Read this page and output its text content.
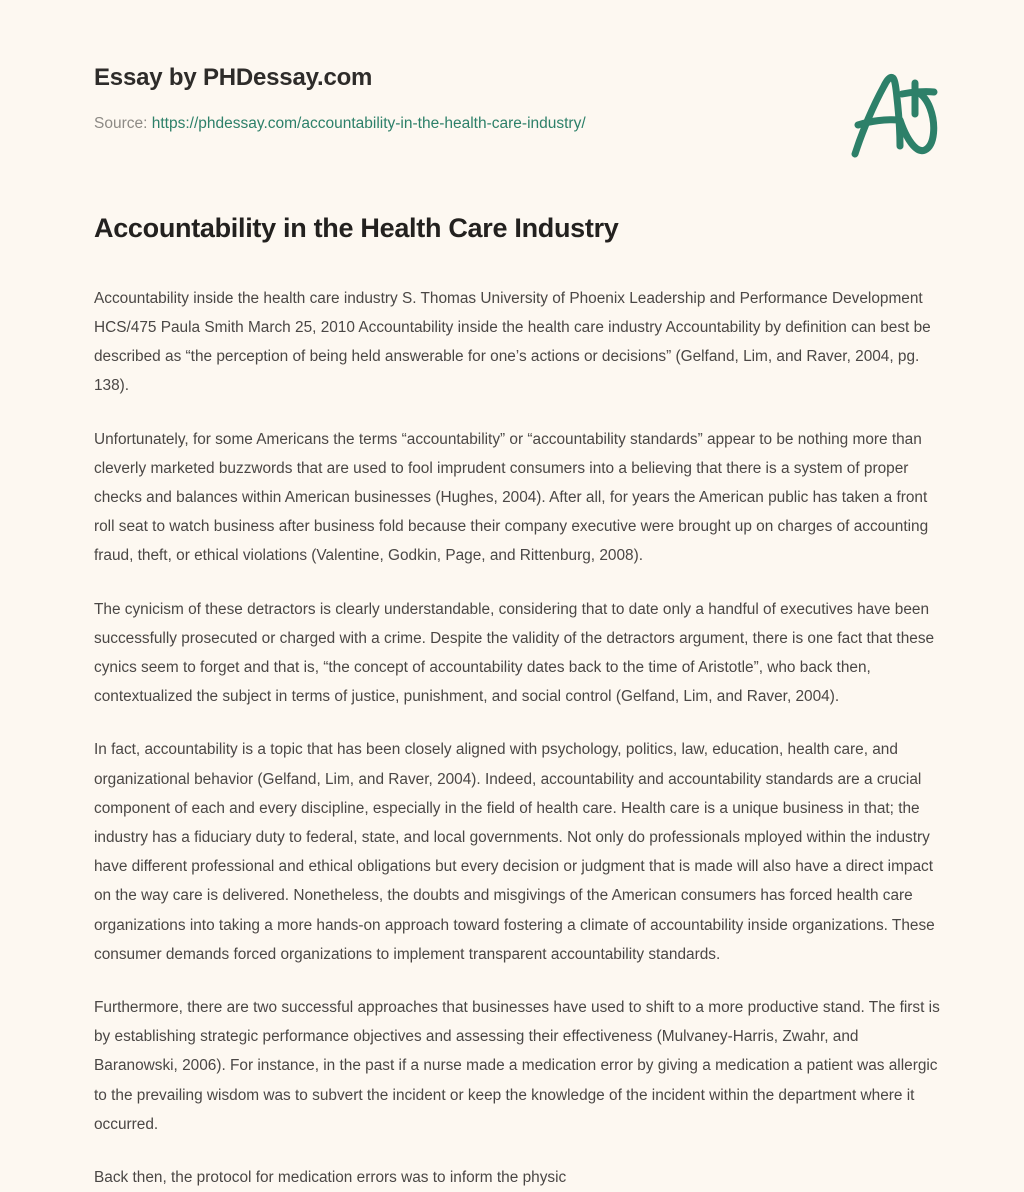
Essay by PHDessay.com
Source: https://phdessay.com/accountability-in-the-health-care-industry/
Accountability in the Health Care Industry

Accountability inside the health care industry S. Thomas University of Phoenix Leadership and Performance Development HCS/475 Paula Smith March 25, 2010 Accountability inside the health care industry Accountability by definition can best be described as “the perception of being held answerable for one’s actions or decisions” (Gelfand, Lim, and Raver, 2004, pg. 138).

Unfortunately, for some Americans the terms “accountability” or “accountability standards” appear to be nothing more than cleverly marketed buzzwords that are used to fool imprudent consumers into a believing that there is a system of proper checks and balances within American businesses (Hughes, 2004). After all, for years the American public has taken a front roll seat to watch business after business fold because their company executive were brought up on charges of accounting fraud, theft, or ethical violations (Valentine, Godkin, Page, and Rittenburg, 2008).

The cynicism of these detractors is clearly understandable, considering that to date only a handful of executives have been successfully prosecuted or charged with a crime. Despite the validity of the detractors argument, there is one fact that these cynics seem to forget and that is, “the concept of accountability dates back to the time of Aristotle”, who back then, contextualized the subject in terms of justice, punishment, and social control (Gelfand, Lim, and Raver, 2004).

In fact, accountability is a topic that has been closely aligned with psychology, politics, law, education, health care, and organizational behavior (Gelfand, Lim, and Raver, 2004). Indeed, accountability and accountability standards are a crucial component of each and every discipline, especially in the field of health care. Health care is a unique business in that; the industry has a fiduciary duty to federal, state, and local governments. Not only do professionals mployed within the industry have different professional and ethical obligations but every decision or judgment that is made will also have a direct impact on the way care is delivered. Nonetheless, the doubts and misgivings of the American consumers has forced health care organizations into taking a more hands-on approach toward fostering a climate of accountability inside organizations. These consumer demands forced organizations to implement transparent accountability standards.

Furthermore, there are two successful approaches that businesses have used to shift to a more productive stand. The first is by establishing strategic performance objectives and assessing their effectiveness (Mulvaney-Harris, Zwahr, and Baranowski, 2006). For instance, in the past if a nurse made a medication error by giving a medication a patient was allergic to the prevailing wisdom was to subvert the incident or keep the knowledge of the incident within the department where it occurred.

Back then, the protocol for medication errors was to inform the physic
